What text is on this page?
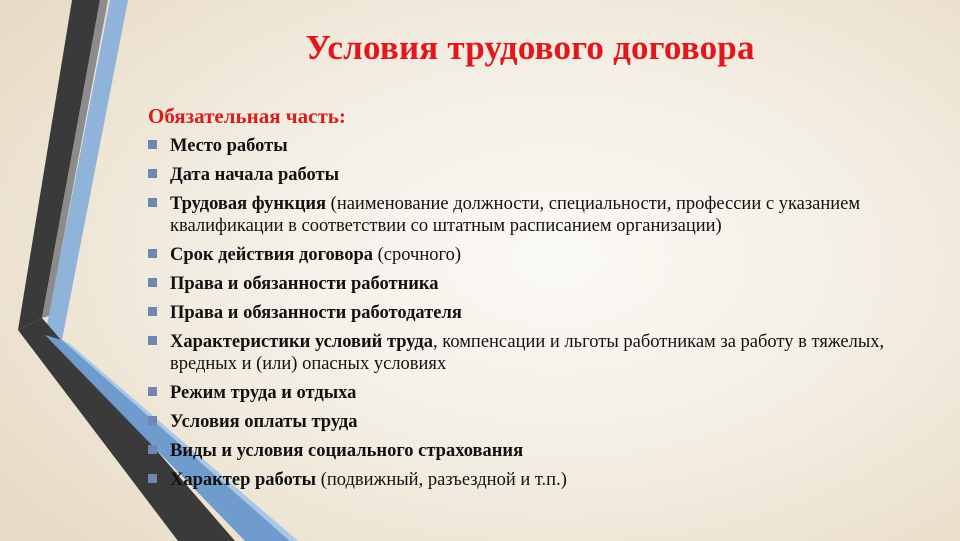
Условия трудового договора
Обязательная часть:
Место работы
Дата начала работы
Трудовая функция (наименование должности, специальности, профессии с указанием квалификации в соответствии со штатным расписанием организации)
Срок действия договора (срочного)
Права и обязанности работника
Права и обязанности работодателя
Характеристики условий труда, компенсации и льготы работникам за работу в тяжелых, вредных и (или) опасных условиях
Режим труда и отдыха
Условия оплаты труда
Виды и условия социального страхования
Характер работы (подвижный, разъездной и т.п.)
